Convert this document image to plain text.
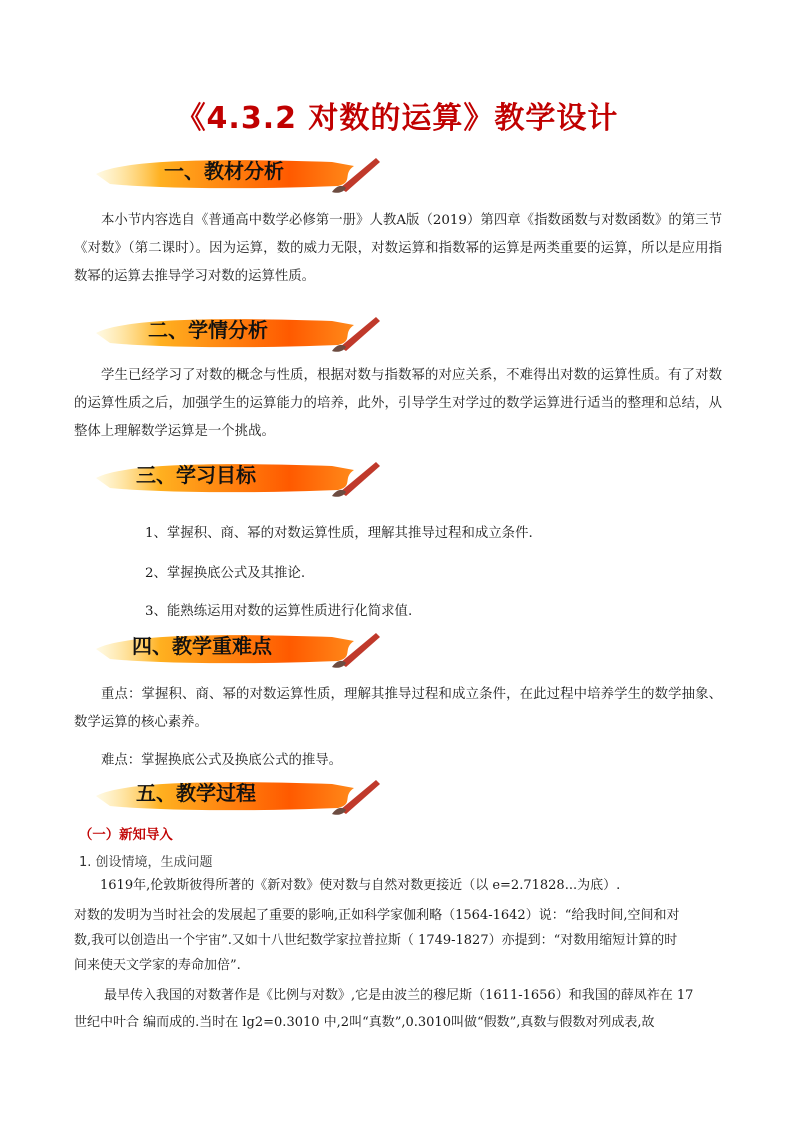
《4.3.2 对数的运算》教学设计
一、教材分析
本小节内容选自《普通高中数学必修第一册》人教A版（2019）第四章《指数函数与对数函数》的第三节《对数》（第二课时）。因为运算，数的威力无限，对数运算和指数幂的运算是两类重要的运算，所以是应用指数幂的运算去推导学习对数的运算性质。
二、学情分析
学生已经学习了对数的概念与性质，根据对数与指数幂的对应关系，不难得出对数的运算性质。有了对数的运算性质之后，加强学生的运算能力的培养，此外，引导学生对学过的数学运算进行适当的整理和总结，从整体上理解数学运算是一个挑战。
三、学习目标
1、掌握积、商、幂的对数运算性质，理解其推导过程和成立条件.
2、掌握换底公式及其推论.
3、能熟练运用对数的运算性质进行化简求值.
四、教学重难点
重点：掌握积、商、幂的对数运算性质，理解其推导过程和成立条件，在此过程中培养学生的数学抽象、数学运算的核心素养。
难点：掌握换底公式及换底公式的推导。
五、教学过程
（一）新知导入
1. 创设情境，生成问题
1619年,伦敦斯彼得所著的《新对数》使对数与自然对数更接近（以 e=2.71828...为底）.
对数的发明为当时社会的发展起了重要的影响,正如科学家伽利略（1564-1642）说：“给我时间,空间和对
数,我可以创造出一个宇宙”.又如十八世纪数学家拉普拉斯（ 1749-1827）亦提到：“对数用缩短计算的时
间来使天文学家的寿命加倍”.
最早传入我国的对数著作是《比例与对数》,它是由波兰的穆尼斯（1611-1656）和我国的薛凤祚在 17
世纪中叶合 编而成的.当时在 lg2=0.3010 中,2叫“真数”,0.3010叫做“假数”,真数与假数对列成表,故
